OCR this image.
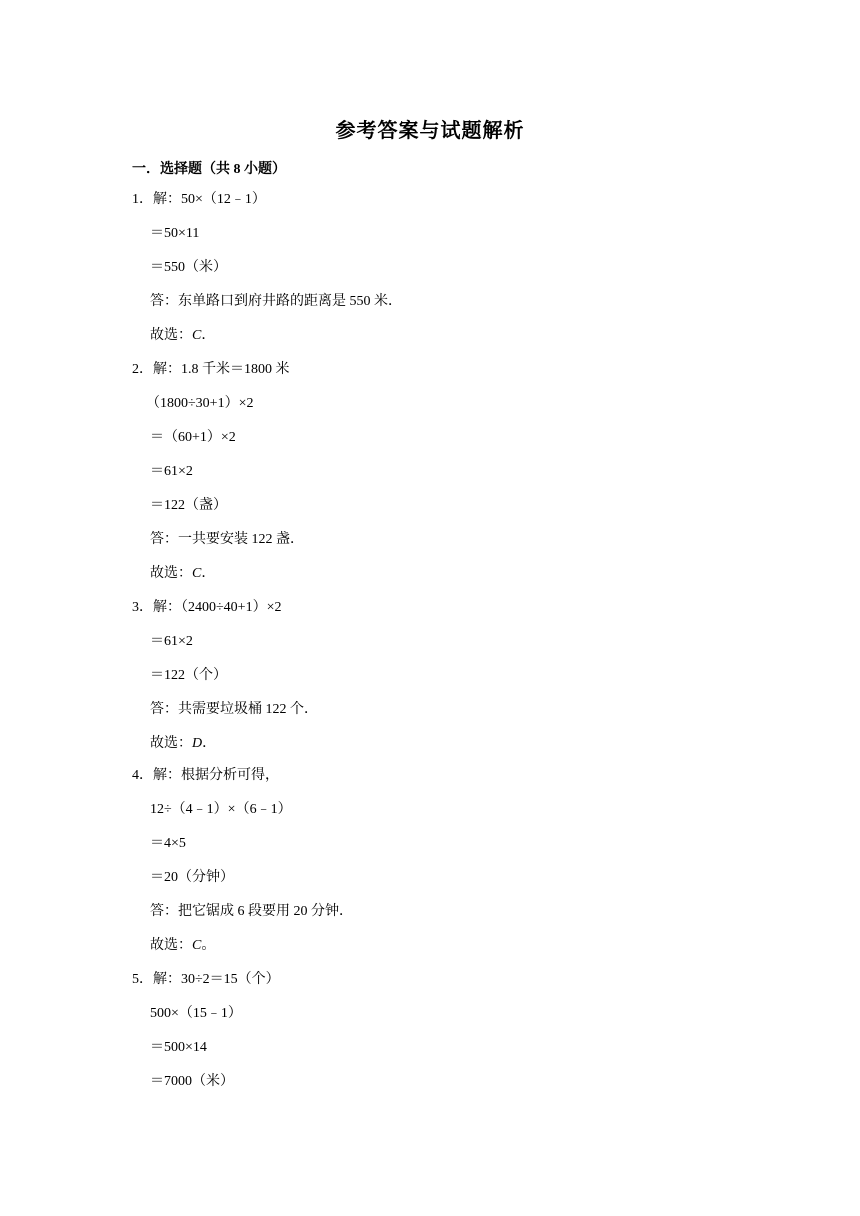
参考答案与试题解析
一．选择题（共 8 小题）
1．解：50×（12﹣1）
＝50×11
＝550（米）
答：东单路口到府井路的距离是 550 米．
故选：C．
2．解：1.8 千米＝1800 米
（1800÷30+1）×2
＝（60+1）×2
＝61×2
＝122（盏）
答：一共要安装 122 盏．
故选：C．
3．解：（2400÷40+1）×2
＝61×2
＝122（个）
答：共需要垃圾桶 122 个．
故选：D．
4．解：根据分析可得，
12÷（4﹣1）×（6﹣1）
＝4×5
＝20（分钟）
答：把它锯成 6 段要用 20 分钟．
故选：C。
5．解：30÷2＝15（个）
500×（15﹣1）
＝500×14
＝7000（米）
